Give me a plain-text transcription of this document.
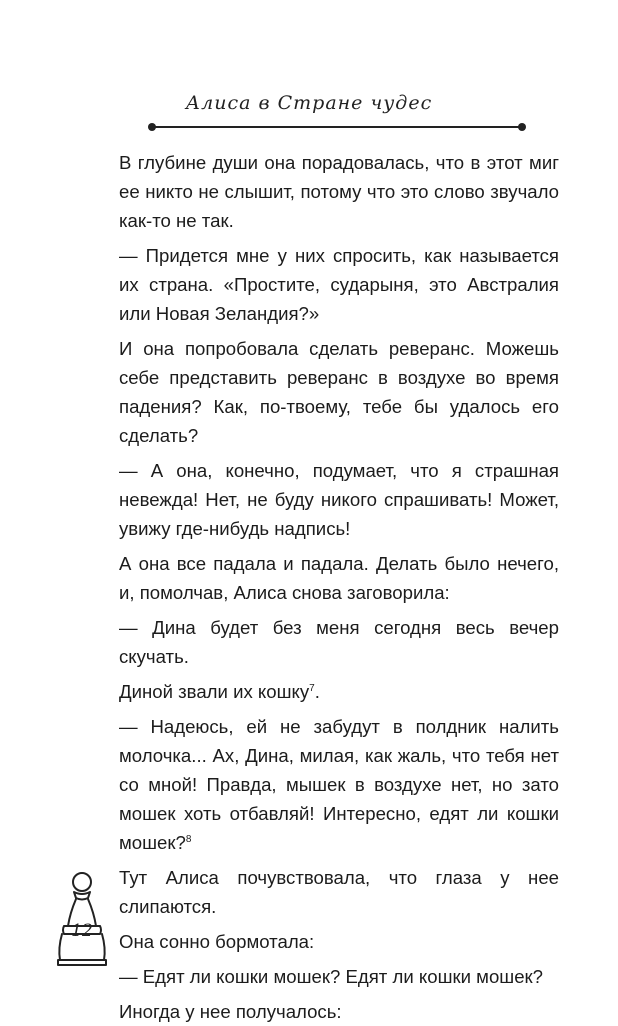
Алиса в Стране чудес

В глубине души она порадовалась, что в этот миг ее никто не слышит, потому что это слово звучало как-то не так.

— Придется мне у них спросить, как называется их страна. «Простите, сударыня, это Австралия или Новая Зеландия?»

И она попробовала сделать реверанс. Можешь себе представить реверанс в воздухе во время падения? Как, по-твоему, тебе бы удалось его сделать?

— А она, конечно, подумает, что я страшная невежда! Нет, не буду никого спрашивать! Может, увижу где-нибудь надпись!

А она все падала и падала. Делать было нечего, и, помолчав, Алиса снова заговорила:

— Дина будет без меня сегодня весь вечер скучать.

Диной звали их кошку$^7$.

— Надеюсь, ей не забудут в полдник налить молочка... Ах, Дина, милая, как жаль, что тебя нет со мной! Правда, мышек в воздухе нет, но зато мошек хоть отбавляй! Интересно, едят ли кошки мошек?$^8$

Тут Алиса почувствовала, что глаза у нее слипаются.

Она сонно бормотала:

— Едят ли кошки мошек? Едят ли кошки мошек?

Иногда у нее получалось:

12
